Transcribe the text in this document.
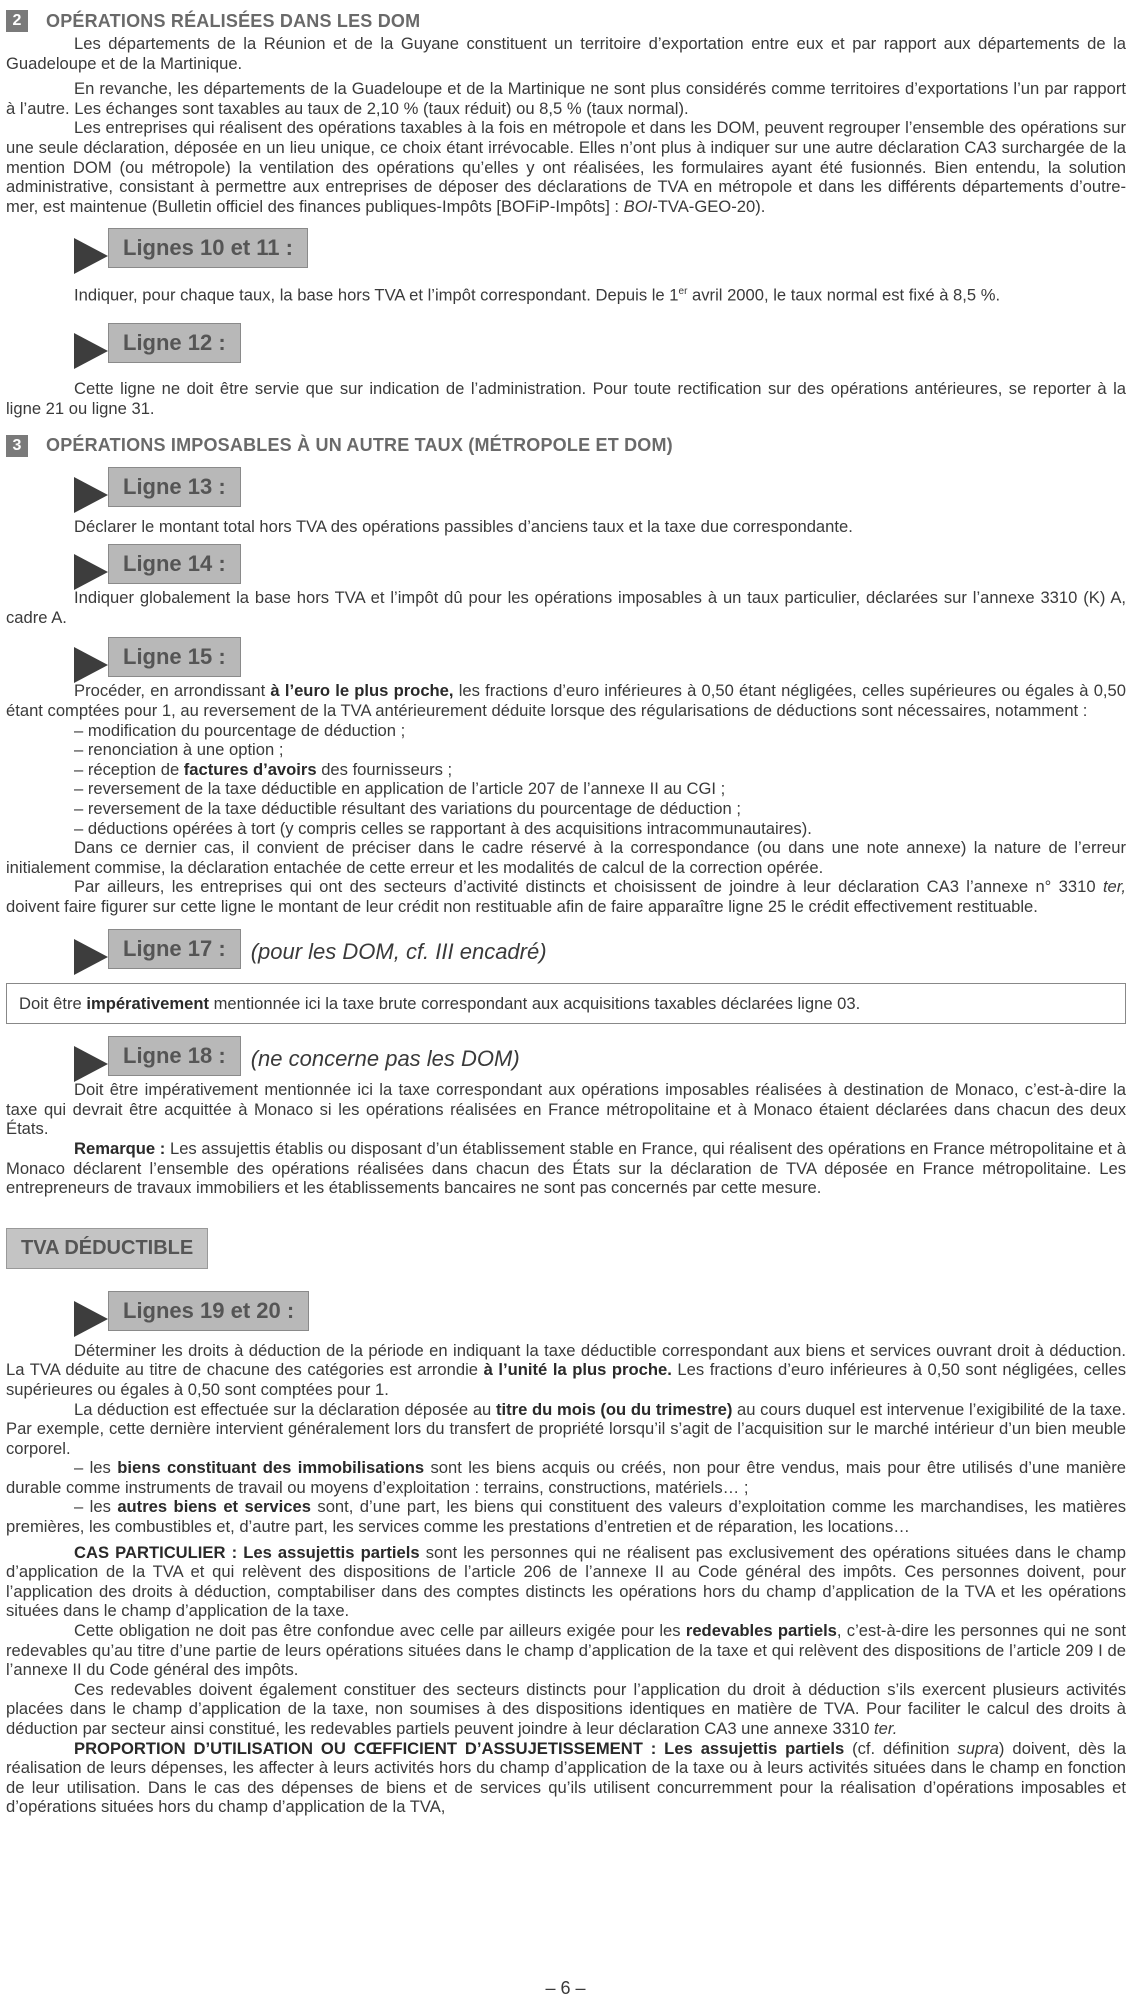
2	OPÉRATIONS RÉALISÉES DANS LES DOM

Les départements de la Réunion et de la Guyane constituent un territoire d’exportation entre eux et par rapport aux départements de la Guadeloupe et de la Martinique.

En revanche, les départements de la Guadeloupe et de la Martinique ne sont plus considérés comme territoires d’exportations l’un par rapport à l’autre. Les échanges sont taxables au taux de 2,10 % (taux réduit) ou 8,5 % (taux normal).

Les entreprises qui réalisent des opérations taxables à la fois en métropole et dans les DOM, peuvent regrouper l’ensemble des opérations sur une seule déclaration, déposée en un lieu unique, ce choix étant irrévocable. Elles n’ont plus à indiquer sur une autre déclaration CA3 surchargée de la mention DOM (ou métropole) la ventilation des opérations qu’elles y ont réalisées, les formulaires ayant été fusionnés. Bien entendu, la solution administrative, consistant à permettre aux entreprises de déposer des déclarations de TVA en métropole et dans les différents départements d’outre-mer, est maintenue (Bulletin officiel des finances publiques-Impôts [BOFiP-Impôts] : BOI-TVA-GEO-20).

Lignes 10 et 11 :

Indiquer, pour chaque taux, la base hors TVA et l’impôt correspondant. Depuis le 1er avril 2000, le taux normal est fixé à 8,5 %.

Ligne 12 :

Cette ligne ne doit être servie que sur indication de l’administration. Pour toute rectification sur des opérations antérieures, se reporter à la ligne 21 ou ligne 31.

3	OPÉRATIONS IMPOSABLES À UN AUTRE TAUX (MÉTROPOLE ET DOM)
Ligne 13 :

Déclarer le montant total hors TVA des opérations passibles d’anciens taux et la taxe due correspondante.

Ligne 14 :

Indiquer globalement la base hors TVA et l’impôt dû pour les opérations imposables à un taux particulier, déclarées sur l’annexe 3310 (K) A, cadre A.

Ligne 15 :

Procéder, en arrondissant à l’euro le plus proche, les fractions d’euro inférieures à 0,50 étant négligées, celles supérieures ou égales à 0,50 étant comptées pour 1, au reversement de la TVA antérieurement déduite lorsque des régularisations de déductions sont nécessaires, notamment :

– modification du pourcentage de déduction ;

– renonciation à une option ;

– réception de factures d’avoirs des fournisseurs ;

– reversement de la taxe déductible en application de l’article 207 de l’annexe II au CGI ;

– reversement de la taxe déductible résultant des variations du pourcentage de déduction ;

– déductions opérées à tort (y compris celles se rapportant à des acquisitions intracommunautaires).

Dans ce dernier cas, il convient de préciser dans le cadre réservé à la correspondance (ou dans une note annexe) la nature de l’erreur initialement commise, la déclaration entachée de cette erreur et les modalités de calcul de la correction opérée.

Par ailleurs, les entreprises qui ont des secteurs d’activité distincts et choisissent de joindre à leur déclaration CA3 l’annexe n° 3310 ter, doivent faire figurer sur cette ligne le montant de leur crédit non restituable afin de faire apparaître ligne 25 le crédit effectivement restituable.

Ligne 17 :	(pour les DOM, cf. III encadré)
Doit être impérativement mentionnée ici la taxe brute correspondant aux acquisitions taxables déclarées ligne 03.
Ligne 18 :	(ne concerne pas les DOM)

Doit être impérativement mentionnée ici la taxe correspondant aux opérations imposables réalisées à destination de Monaco, c’est-à-dire la taxe qui devrait être acquittée à Monaco si les opérations réalisées en France métropolitaine et à Monaco étaient déclarées dans chacun des deux États.

Remarque : Les assujettis établis ou disposant d’un établissement stable en France, qui réalisent des opérations en France métropolitaine et à Monaco déclarent l’ensemble des opérations réalisées dans chacun des États sur la déclaration de TVA déposée en France métropolitaine. Les entrepreneurs de travaux immobiliers et les établissements bancaires ne sont pas concernés par cette mesure.

TVA DÉDUCTIBLE
Lignes 19 et 20 :

Déterminer les droits à déduction de la période en indiquant la taxe déductible correspondant aux biens et services ouvrant droit à déduction. La TVA déduite au titre de chacune des catégories est arrondie à l’unité la plus proche. Les fractions d’euro inférieures à 0,50 sont négligées, celles supérieures ou égales à 0,50 sont comptées pour 1.

La déduction est effectuée sur la déclaration déposée au titre du mois (ou du trimestre) au cours duquel est intervenue l’exigibilité de la taxe. Par exemple, cette dernière intervient généralement lors du transfert de propriété lorsqu’il s’agit de l’acquisition sur le marché intérieur d’un bien meuble corporel.

– les biens constituant des immobilisations sont les biens acquis ou créés, non pour être vendus, mais pour être utilisés d’une manière durable comme instruments de travail ou moyens d’exploitation : terrains, constructions, matériels… ;

– les autres biens et services sont, d’une part, les biens qui constituent des valeurs d’exploitation comme les marchandises, les matières premières, les combustibles et, d’autre part, les services comme les prestations d’entretien et de réparation, les locations…

CAS PARTICULIER : Les assujettis partiels sont les personnes qui ne réalisent pas exclusivement des opérations situées dans le champ d’application de la TVA et qui relèvent des dispositions de l’article 206 de l’annexe II au Code général des impôts. Ces personnes doivent, pour l’application des droits à déduction, comptabiliser dans des comptes distincts les opérations hors du champ d’application de la TVA et les opérations situées dans le champ d’application de la taxe.

Cette obligation ne doit pas être confondue avec celle par ailleurs exigée pour les redevables partiels, c’est-à-dire les personnes qui ne sont redevables qu’au titre d’une partie de leurs opérations situées dans le champ d’application de la taxe et qui relèvent des dispositions de l’article 209 I de l’annexe II du Code général des impôts.

Ces redevables doivent également constituer des secteurs distincts pour l’application du droit à déduction s’ils exercent plusieurs activités placées dans le champ d’application de la taxe, non soumises à des dispositions identiques en matière de TVA. Pour faciliter le calcul des droits à déduction par secteur ainsi constitué, les redevables partiels peuvent joindre à leur déclaration CA3 une annexe 3310 ter.

PROPORTION D’UTILISATION OU CŒFFICIENT D’ASSUJETISSEMENT : Les assujettis partiels (cf. définition supra) doivent, dès la réalisation de leurs dépenses, les affecter à leurs activités hors du champ d’application de la taxe ou à leurs activités situées dans le champ en fonction de leur utilisation. Dans le cas des dépenses de biens et de services qu’ils utilisent concurremment pour la réalisation d’opérations imposables et d’opérations situées hors du champ d’application de la TVA,

– 6 –
